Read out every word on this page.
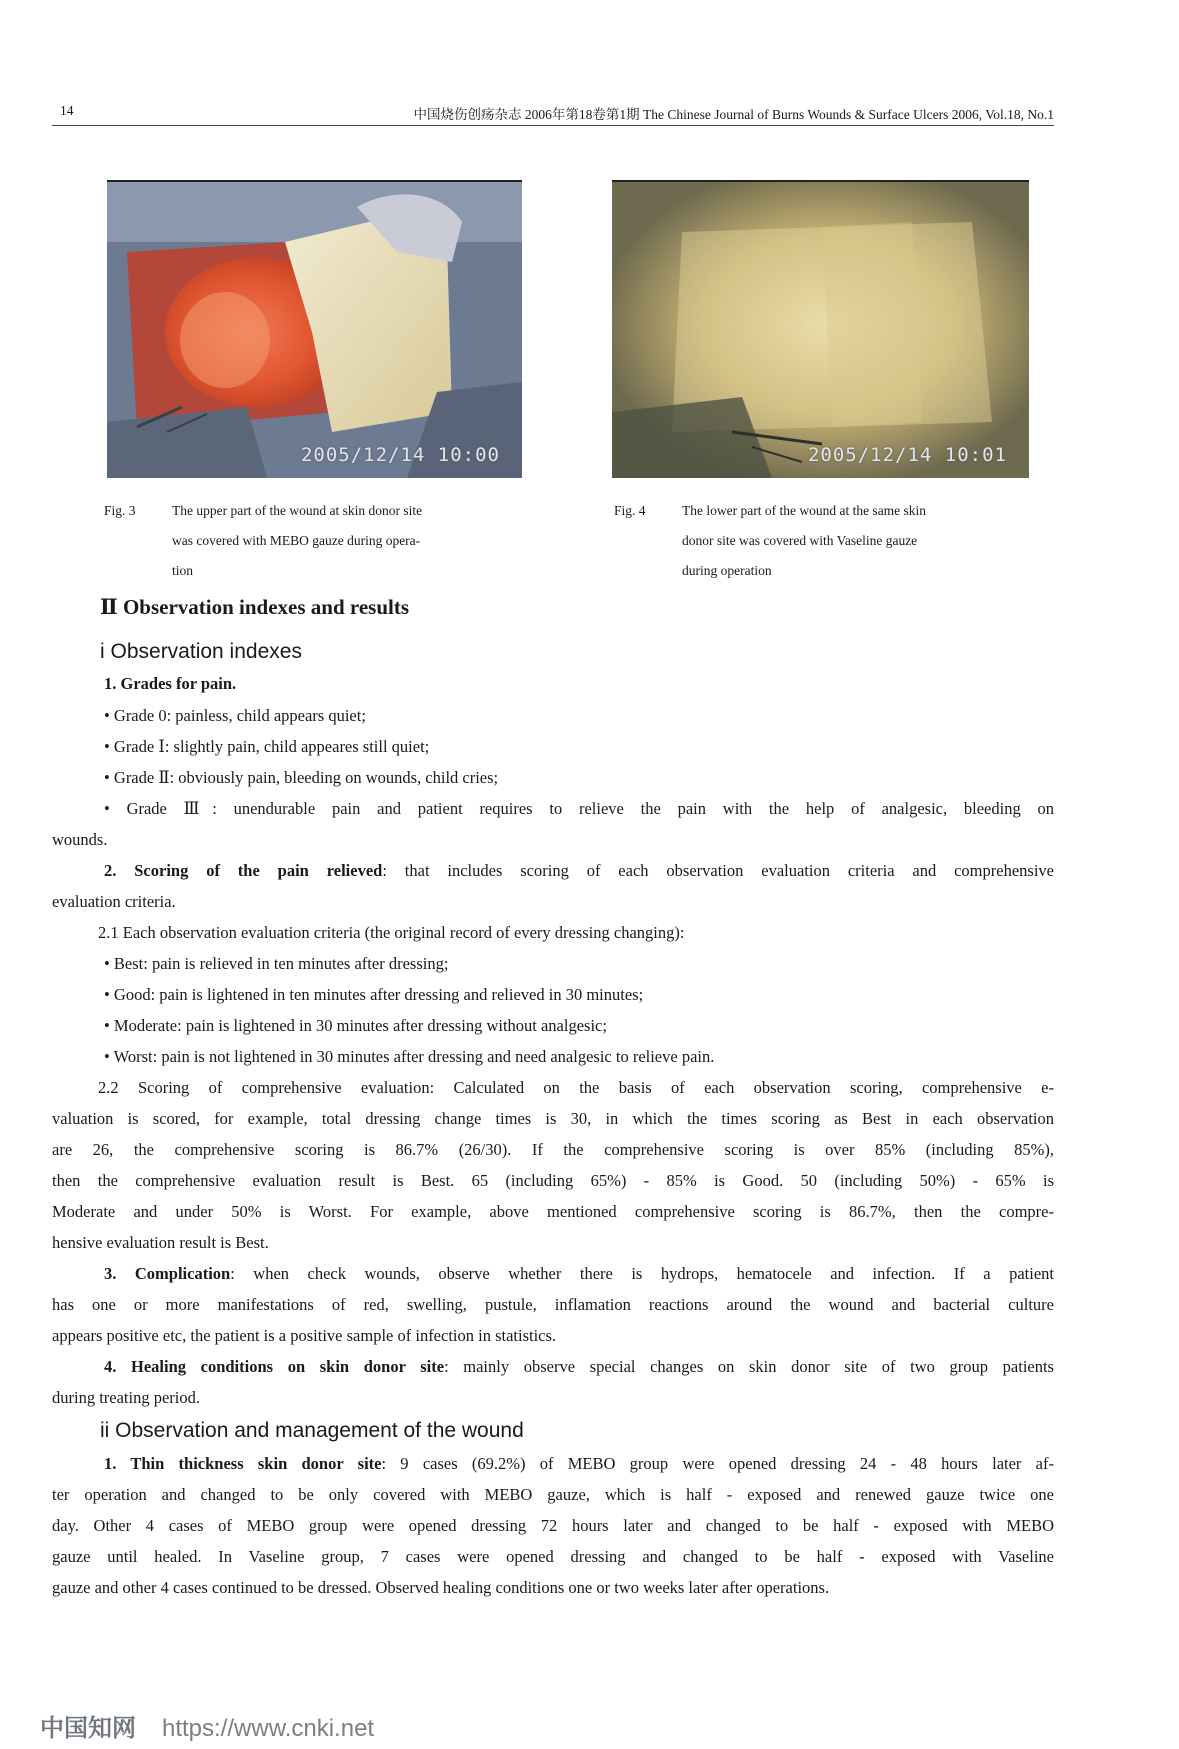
14	中国烧伤创疡杂志 2006年第18卷第1期 The Chinese Journal of Burns Wounds & Surface Ulcers 2006, Vol.18, No.1
2005/12/14 10:00	2005/12/14 10:01
Fig. 3	The upper part of the wound at skin donor site
was covered with MEBO gauze during opera-
tion
Fig. 4	The lower part of the wound at the same skin
donor site was covered with Vaseline gauze
during operation
Ⅱ Observation indexes and results
i Observation indexes
1. Grades for pain.
• Grade 0: painless, child appears quiet;
• Grade Ⅰ: slightly pain, child appeares still quiet;
• Grade Ⅱ: obviously pain, bleeding on wounds, child cries;
• Grade Ⅲ: unendurable pain and patient requires to relieve the pain with the help of analgesic, bleeding on
wounds.
2. Scoring of the pain relieved: that includes scoring of each observation evaluation criteria and comprehensive
evaluation criteria.
2.1 Each observation evaluation criteria (the original record of every dressing changing):
• Best: pain is relieved in ten minutes after dressing;
• Good: pain is lightened in ten minutes after dressing and relieved in 30 minutes;
• Moderate: pain is lightened in 30 minutes after dressing without analgesic;
• Worst: pain is not lightened in 30 minutes after dressing and need analgesic to relieve pain.
2.2 Scoring of comprehensive evaluation: Calculated on the basis of each observation scoring, comprehensive e-
valuation is scored, for example, total dressing change times is 30, in which the times scoring as Best in each observation
are 26, the comprehensive scoring is 86.7% (26/30). If the comprehensive scoring is over 85% (including 85%),
then the comprehensive evaluation result is Best. 65 (including 65%) - 85% is Good. 50 (including 50%) - 65% is
Moderate and under 50% is Worst. For example, above mentioned comprehensive scoring is 86.7%, then the compre-
hensive evaluation result is Best.
3. Complication: when check wounds, observe whether there is hydrops, hematocele and infection. If a patient
has one or more manifestations of red, swelling, pustule, inflamation reactions around the wound and bacterial culture
appears positive etc, the patient is a positive sample of infection in statistics.
4. Healing conditions on skin donor site: mainly observe special changes on skin donor site of two group patients
during treating period.
ii Observation and management of the wound
1. Thin thickness skin donor site: 9 cases (69.2%) of MEBO group were opened dressing 24 - 48 hours later af-
ter operation and changed to be only covered with MEBO gauze, which is half - exposed and renewed gauze twice one
day. Other 4 cases of MEBO group were opened dressing 72 hours later and changed to be half - exposed with MEBO
gauze until healed. In Vaseline group, 7 cases were opened dressing and changed to be half - exposed with Vaseline
gauze and other 4 cases continued to be dressed. Observed healing conditions one or two weeks later after operations.
中国知网 https://www.cnki.net
